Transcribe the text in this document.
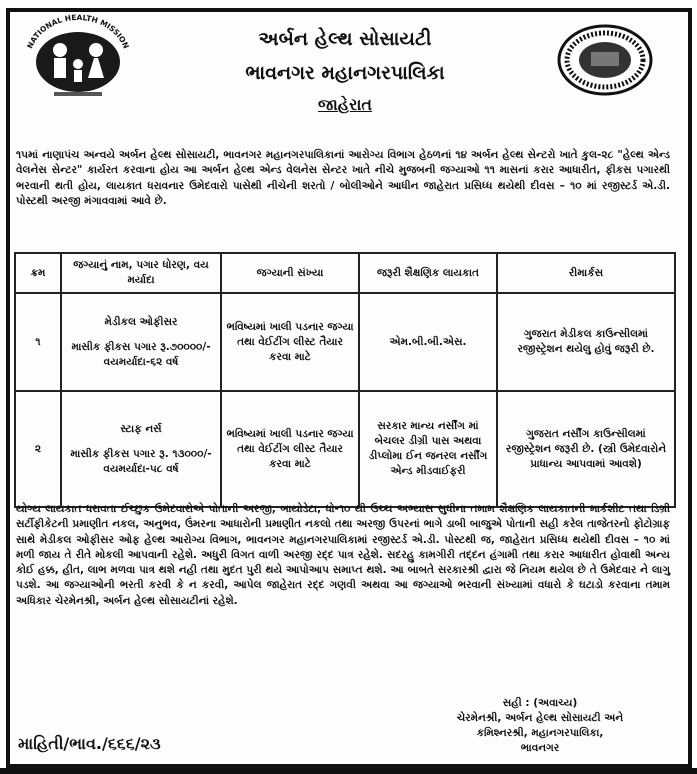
NATIONAL HEALTH MISSION	અર્બન હેલ્થ સોસાયટી
ભાવનગર મહાનગરપાલિકા
જાહેરાત
૧૫માં નાણાપંચ અન્વયે અર્બન હેલ્થ સોસાયટી, ભાવનગર મહાનગરપાલિકાનાં આરોગ્ય વિભાગ હેઠળનાં ૧૪ અર્બન હેલ્થ સેન્ટરો ખાતે કુલ-૨૮ "હેલ્થ એન્ડ વેલનેસ સેન્ટર" કાર્યરત કરવાના હોય આ અર્બન હેલ્થ એન્ડ વેલનેસ સેન્ટર ખાતે નીચે મુજબની જગ્યાઓ ૧૧ માસનાં કરાર આધારીત, ફીકસ પગારથી ભરવાની થતી હોય, લાયકાત ધરાવનાર ઉમેદવારો પાસેથી નીચેની શરતો / બોલીઓને આધીન જાહેરાત પ્રસિધ્ધ થયેથી દીવસ – ૧૦ માં રજીસ્ટર્ડ એ.ડી. પોસ્ટથી અરજી મંગાવવામાં આવે છે.
ક્રમ	જગ્યાનું નામ, પગાર ધોરણ, વય મર્યાદા	જગ્યાની સંખ્યા	જરૂરી શૈક્ષણિક લાયકાત	રીમાર્કસ
૧	મેડીકલ ઓફીસર
માસીક ફીકસ પગાર રૂ.૭૦૦૦૦/-
વયમર્યાદા-૬૨ વર્ષ	ભવિષ્યમાં ખાલી પડનાર જગ્યા તથા વેઈટીંગ લીસ્ટ તૈયાર કરવા માટે	એમ.બી.બી.એસ.	ગુજરાત મેડીકલ કાઉન્સીલમાં રજીસ્ટ્રેશન થયેલુ હોવું જરૂરી છે.
૨	સ્ટાફ નર્સ
માસીક ફીકસ પગાર રૂ. ૧૩૦૦૦/-
વયમર્યાદા-૫૮ વર્ષ	ભવિષ્યમાં ખાલી પડનાર જગ્યા તથા વેઈટીંગ લીસ્ટ તૈયાર કરવા માટે	સરકાર માન્ય નર્સીંગ માં બેચલર ડીગ્રી પાસ અથવા ડીપ્લોમા ઈન જનરલ નર્સીંગ એન્ડ મીડવાઈફરી	ગુજરાત નર્સીંગ કાઉન્સીલમાં રજીસ્ટ્રેશન જરૂરી છે. (સ્ત્રી ઉમેદવારોને પ્રાધાન્ય આપવામાં આવશે)
યોગ્ય લાયકાત ધરાવતા ઈચ્છુક ઉમેદવારોએ પોતાની અરજી, બાયોડેટા, ધો-૧૦ થી ઉચ્ચ અભ્યાસ સુધીના તમામ શૈક્ષણિક લાયકાતની માર્કશીટ તથા ડિગ્રી સર્ટીફીકેટની પ્રમાણીત નકલ, અનુભવ, ઉંમરના આધારોની પ્રમાણીત નકલો તથા અરજી ઉપરનાં ભાગે ડાબી બાજુએ પોતાની સહી કરેલ તાજેતરનો ફોટોગ્રાફ સાથે મેડીકલ ઓફીસર ઓફ હેલ્થ આરોગ્ય વિભાગ, ભાવનગર મહાનગરપાલિકામાં રજીસ્ટર્ડ એ.ડી. પોસ્ટથી જ, જાહેરાત પ્રસિધ્ધ થયેથી દીવસ – ૧૦ માં મળી જાય તે રીતે મોકલી આપવાની રહેશે. અધુરી વિગત વાળી અરજી રદ્દ પાત્ર રહેશે. સદરહુ કામગીરી તદ્દન હંગામી તથા કરાર આધારીત હોવાથી અન્ય કોઈ હક્ક, હીત, લાભ મળવા પાત્ર થશે નહી તથા મુદત પુરી થયે આપોઆપ સમાપ્ત થશે. આ બાબતે સરકારશ્રી દ્વારા જે નિયમ થયેલ છે તે ઉમેદવાર ને લાગુ પડશે. આ જગ્યાઓની ભરતી કરવી કે ન કરવી, આપેલ જાહેરાત રદ્દ ગણવી અથવા આ જગ્યાઓ ભરવાની સંખ્યામાં વધારો કે ઘટાડો કરવાના તમામ અધિકાર ચેરમેનશ્રી, અર્બન હેલ્થ સોસાયટીનાં રહેશે.
સહી : (અવાચ્ય)
ચેરમેનશ્રી, અર્બન હેલ્થ સોસાયટી અને
કમિશ્નરશ્રી, મહાનગરપાલિકા,
ભાવનગર
માહિતી/ભાવ./૬૬૬/૨૩
